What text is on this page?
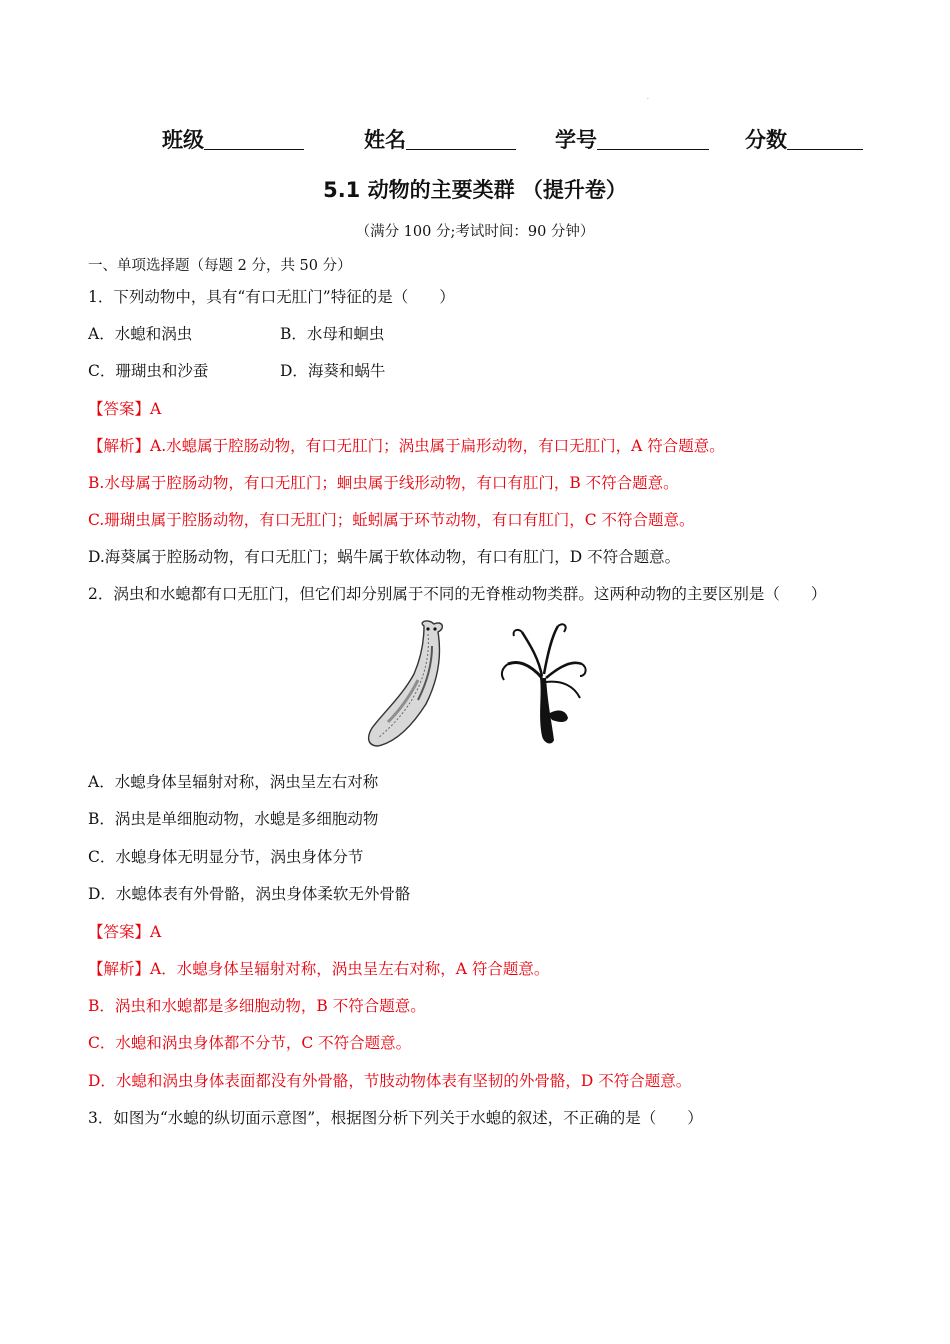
·
班级	姓名	学号	分数
5.1 动物的主要类群 （提升卷）
（满分 100 分;考试时间：90 分钟）
一、单项选择题（每题 2 分，共 50 分）
1．下列动物中，具有“有口无肛门”特征的是（　　）
A．水螅和涡虫	B．水母和蛔虫
C．珊瑚虫和沙蚕	D．海葵和蜗牛
【答案】A
【解析】A.水螅属于腔肠动物，有口无肛门；涡虫属于扁形动物，有口无肛门，A 符合题意。
B.水母属于腔肠动物，有口无肛门；蛔虫属于线形动物，有口有肛门，B 不符合题意。
C.珊瑚虫属于腔肠动物，有口无肛门；蚯蚓属于环节动物，有口有肛门，C 不符合题意。
D.海葵属于腔肠动物，有口无肛门；蜗牛属于软体动物，有口有肛门，D 不符合题意。
2．涡虫和水螅都有口无肛门，但它们却分别属于不同的无脊椎动物类群。这两种动物的主要区别是（　　）
A．水螅身体呈辐射对称，涡虫呈左右对称
B．涡虫是单细胞动物，水螅是多细胞动物
C．水螅身体无明显分节，涡虫身体分节
D．水螅体表有外骨骼，涡虫身体柔软无外骨骼
【答案】A
【解析】A．水螅身体呈辐射对称，涡虫呈左右对称，A 符合题意。
B．涡虫和水螅都是多细胞动物，B 不符合题意。
C．水螅和涡虫身体都不分节，C 不符合题意。
D．水螅和涡虫身体表面都没有外骨骼，节肢动物体表有坚韧的外骨骼，D 不符合题意。
3．如图为“水螅的纵切面示意图”，根据图分析下列关于水螅的叙述，不正确的是（　　）
